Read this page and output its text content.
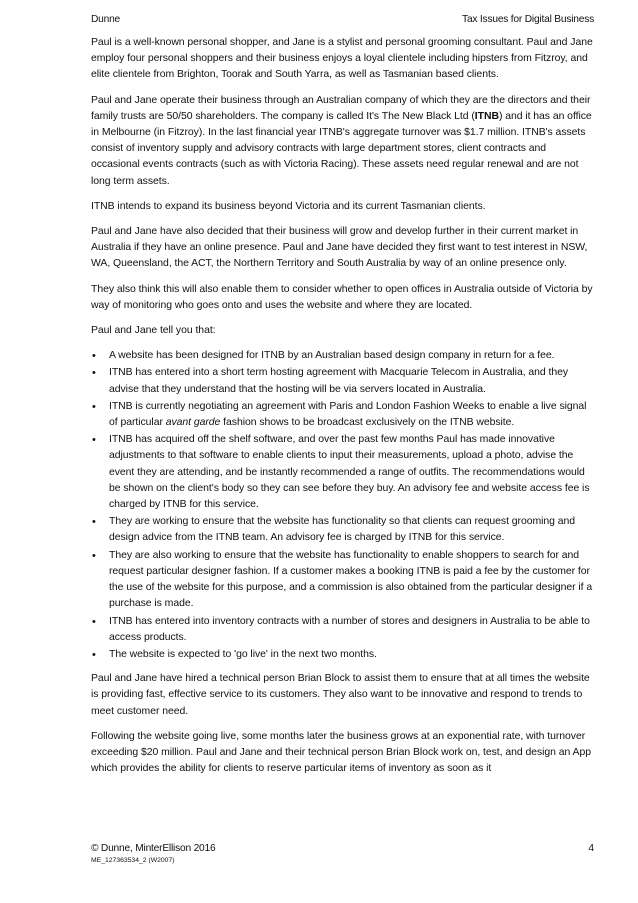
Dunne	Tax Issues for Digital Business

Paul is a well-known personal shopper, and Jane is a stylist and personal grooming consultant. Paul and Jane employ four personal shoppers and their business enjoys a loyal clientele including hipsters from Fitzroy, and elite clientele from Brighton, Toorak and South Yarra, as well as Tasmanian based clients.

Paul and Jane operate their business through an Australian company of which they are the directors and their family trusts are 50/50 shareholders. The company is called It's The New Black Ltd (ITNB) and it has an office in Melbourne (in Fitzroy). In the last financial year ITNB's aggregate turnover was $1.7 million. ITNB's assets consist of inventory supply and advisory contracts with large department stores, client contracts and occasional events contracts (such as with Victoria Racing). These assets need regular renewal and are not long term assets.

ITNB intends to expand its business beyond Victoria and its current Tasmanian clients.

Paul and Jane have also decided that their business will grow and develop further in their current market in Australia if they have an online presence. Paul and Jane have decided they first want to test interest in NSW, WA, Queensland, the ACT, the Northern Territory and South Australia by way of an online presence only.

They also think this will also enable them to consider whether to open offices in Australia outside of Victoria by way of monitoring who goes onto and uses the website and where they are located.

Paul and Jane tell you that:

• A website has been designed for ITNB by an Australian based design company in return for a fee.
• ITNB has entered into a short term hosting agreement with Macquarie Telecom in Australia, and they advise that they understand that the hosting will be via servers located in Australia.
• ITNB is currently negotiating an agreement with Paris and London Fashion Weeks to enable a live signal of particular avant garde fashion shows to be broadcast exclusively on the ITNB website.
• ITNB has acquired off the shelf software, and over the past few months Paul has made innovative adjustments to that software to enable clients to input their measurements, upload a photo, advise the event they are attending, and be instantly recommended a range of outfits. The recommendations would be shown on the client's body so they can see before they buy. An advisory fee and website access fee is charged by ITNB for this service.
• They are working to ensure that the website has functionality so that clients can request grooming and design advice from the ITNB team. An advisory fee is charged by ITNB for this service.
• They are also working to ensure that the website has functionality to enable shoppers to search for and request particular designer fashion. If a customer makes a booking ITNB is paid a fee by the customer for the use of the website for this purpose, and a commission is also obtained from the particular designer if a purchase is made.
• ITNB has entered into inventory contracts with a number of stores and designers in Australia to be able to access products.
• The website is expected to 'go live' in the next two months.

Paul and Jane have hired a technical person Brian Block to assist them to ensure that at all times the website is providing fast, effective service to its customers. They also want to be innovative and respond to trends to meet customer need.

Following the website going live, some months later the business grows at an exponential rate, with turnover exceeding $20 million. Paul and Jane and their technical person Brian Block work on, test, and design an App which provides the ability for clients to reserve particular items of inventory as soon as it

© Dunne, MinterEllison 2016	4
ME_127363534_2 (W2007)
